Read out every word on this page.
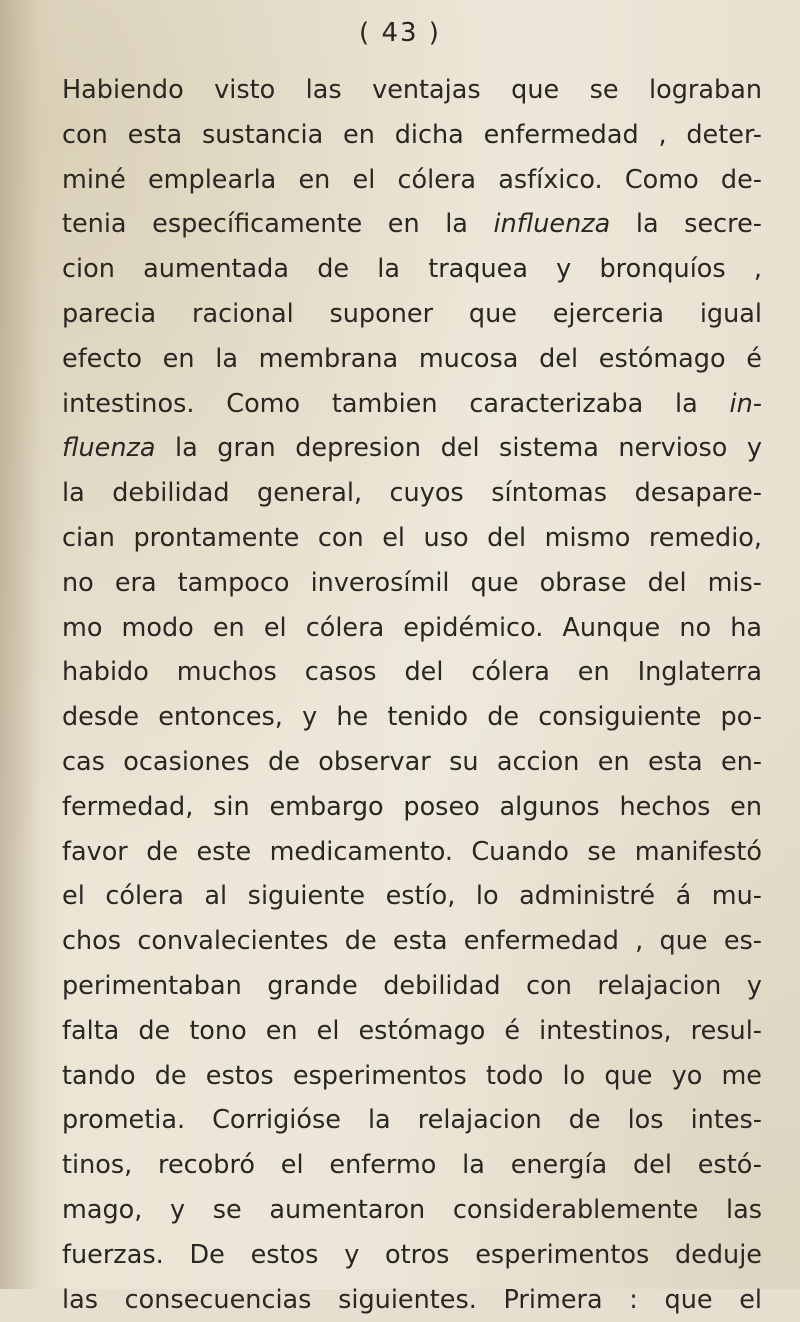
( 43 )
Habiendo visto las ventajas que se lograban
con esta sustancia en dicha enfermedad , deter-
miné emplearla en el cólera asfíxico. Como de-
tenia específicamente en la influenza la secre-
cion aumentada de la traquea y bronquíos ,
parecia racional suponer que ejerceria igual
efecto en la membrana mucosa del estómago é
intestinos. Como tambien caracterizaba la in-
fluenza la gran depresion del sistema nervioso y
la debilidad general, cuyos síntomas desapare-
cian prontamente con el uso del mismo remedio,
no era tampoco inverosímil que obrase del mis-
mo modo en el cólera epidémico. Aunque no ha
habido muchos casos del cólera en Inglaterra
desde entonces, y he tenido de consiguiente po-
cas ocasiones de observar su accion en esta en-
fermedad, sin embargo poseo algunos hechos en
favor de este medicamento. Cuando se manifestó
el cólera al siguiente estío, lo administré á mu-
chos convalecientes de esta enfermedad , que es-
perimentaban grande debilidad con relajacion y
falta de tono en el estómago é intestinos, resul-
tando de estos esperimentos todo lo que yo me
prometia. Corrigióse la relajacion de los intes-
tinos, recobró el enfermo la energía del estó-
mago, y se aumentaron considerablemente las
fuerzas. De estos y otros esperimentos deduje
las consecuencias siguientes. Primera : que el
